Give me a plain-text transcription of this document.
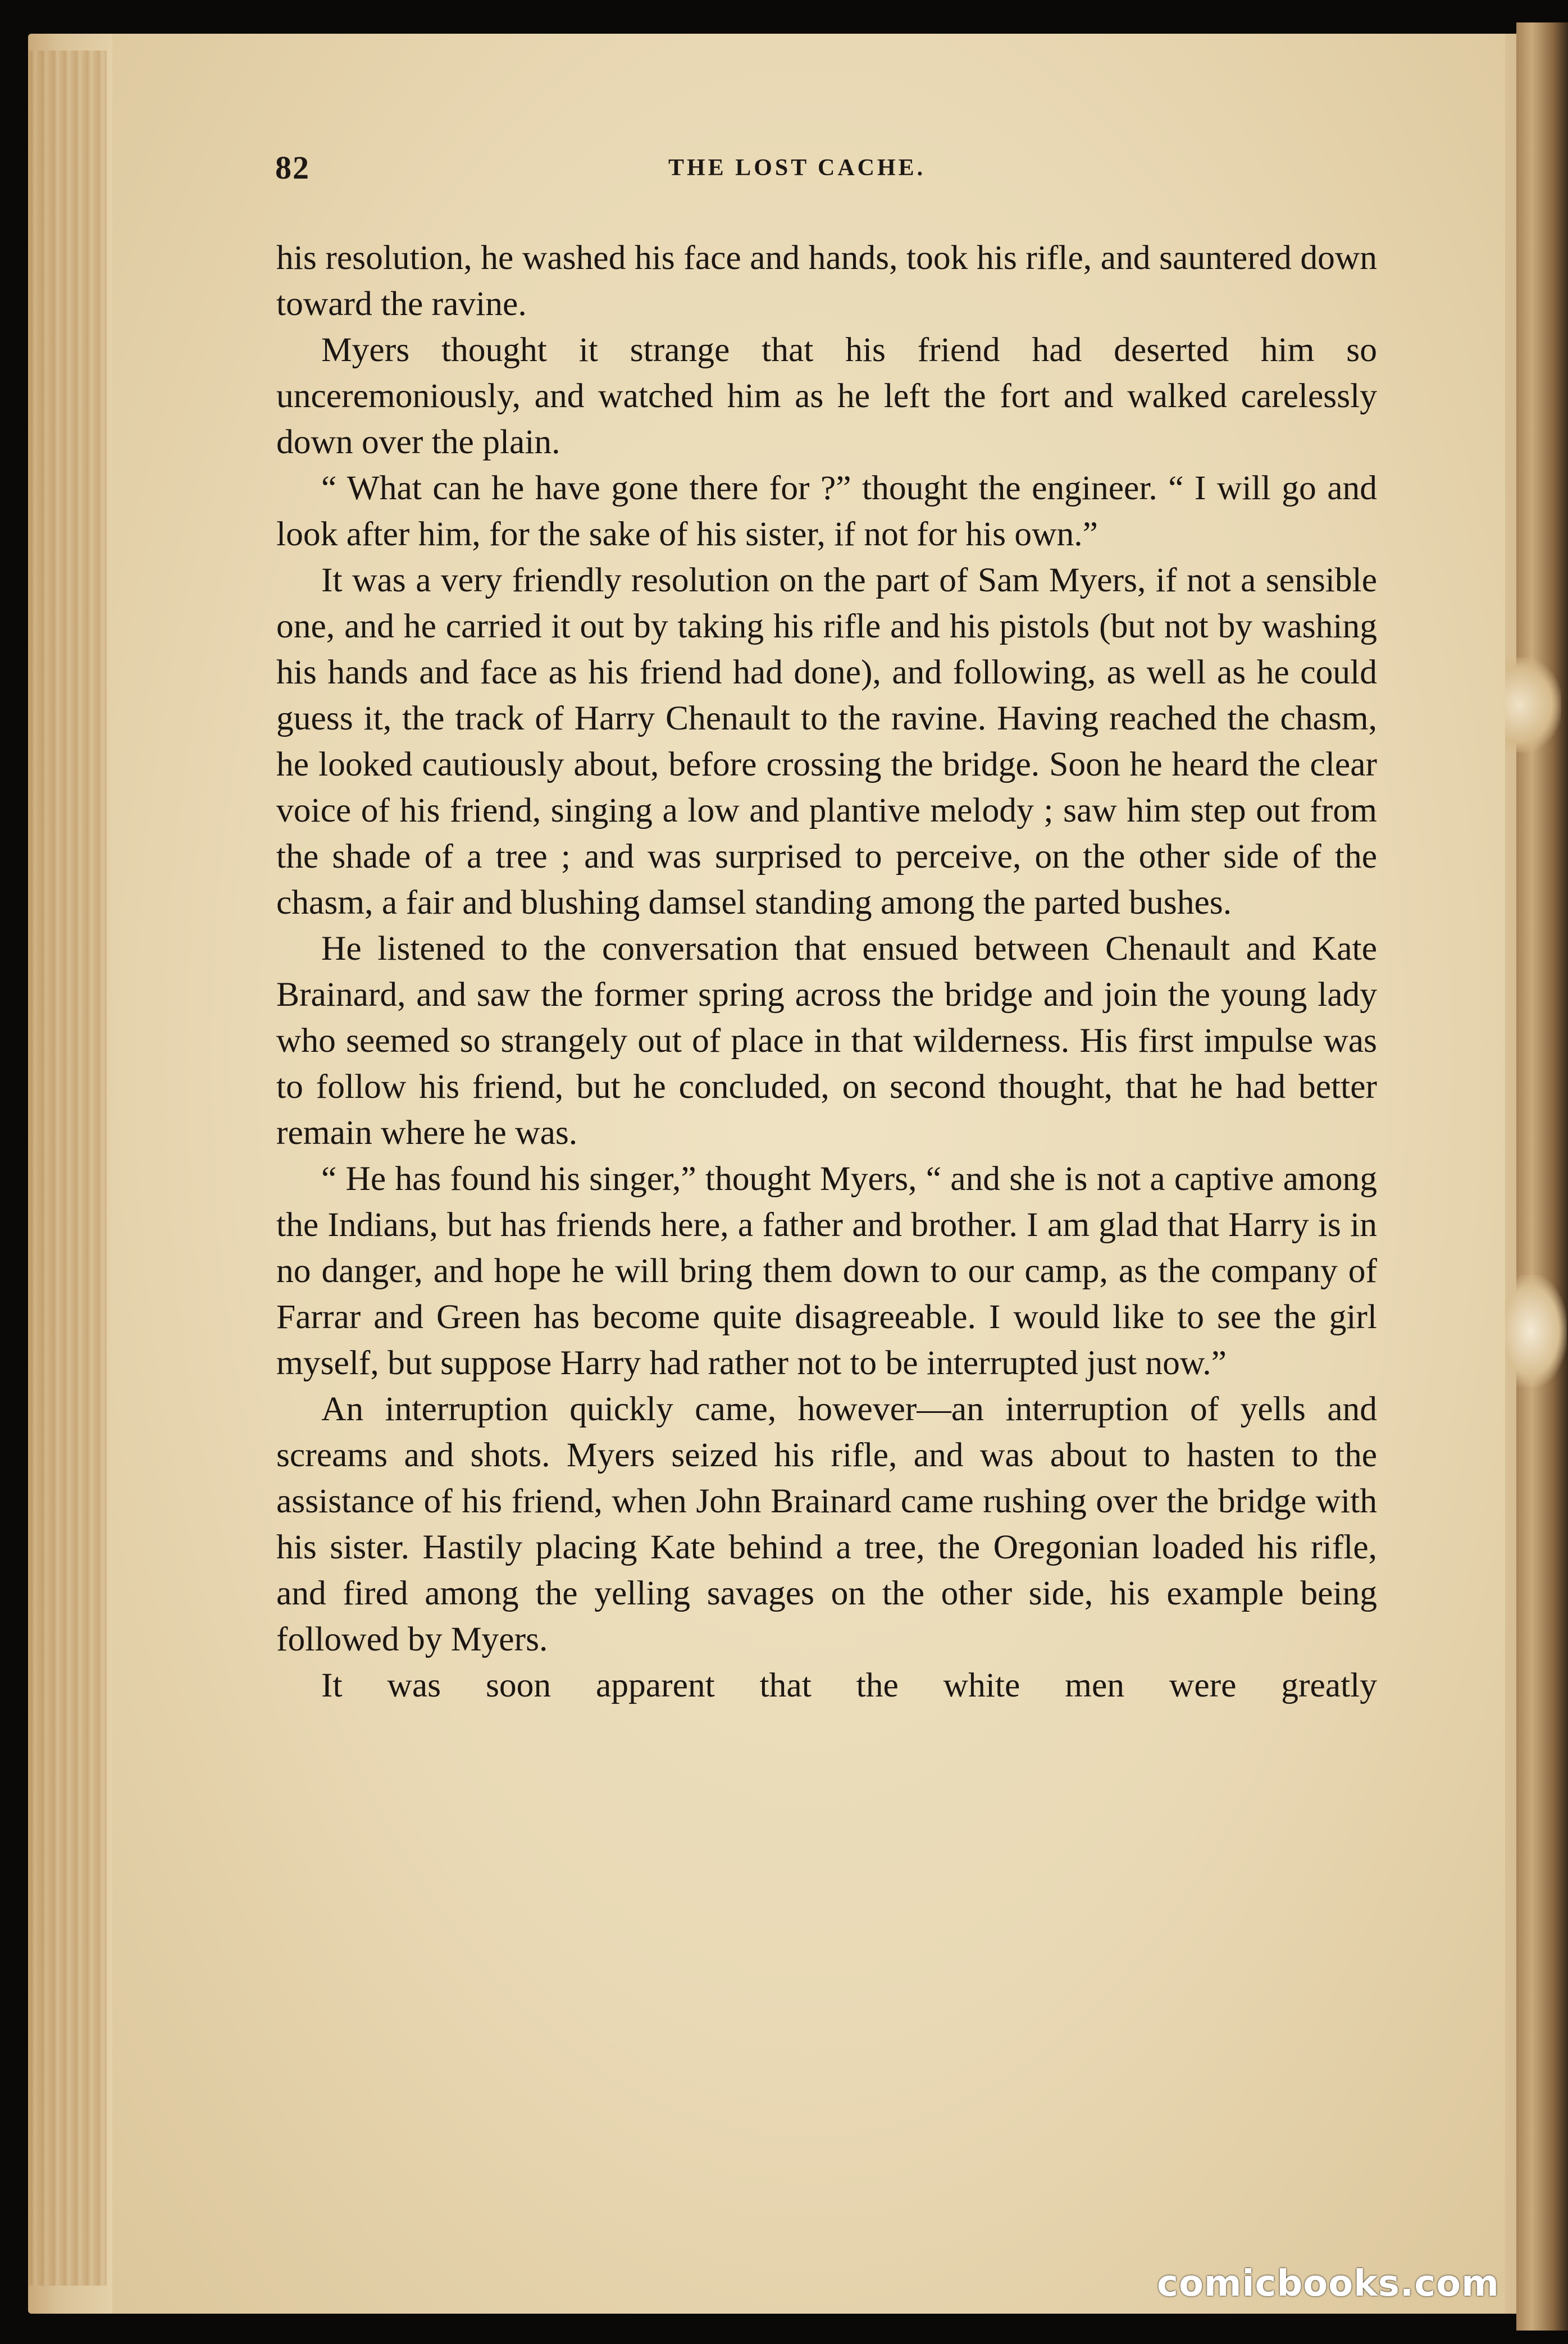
82	THE LOST CACHE.

his resolution, he washed his face and hands, took his rifle, and sauntered down toward the ravine.

Myers thought it strange that his friend had deserted him so unceremoniously, and watched him as he left the fort and walked carelessly down over the plain.

“ What can he have gone there for ?” thought the engineer. “ I will go and look after him, for the sake of his sister, if not for his own.”

It was a very friendly resolution on the part of Sam Myers, if not a sensible one, and he carried it out by taking his rifle and his pistols (but not by washing his hands and face as his friend had done), and following, as well as he could guess it, the track of Harry Chenault to the ravine. Having reached the chasm, he looked cautiously about, before crossing the bridge. Soon he heard the clear voice of his friend, singing a low and plantive melody ; saw him step out from the shade of a tree ; and was surprised to perceive, on the other side of the chasm, a fair and blushing damsel standing among the parted bushes.

He listened to the conversation that ensued between Chenault and Kate Brainard, and saw the former spring across the bridge and join the young lady who seemed so strangely out of place in that wilderness. His first impulse was to follow his friend, but he concluded, on second thought, that he had better remain where he was.

“ He has found his singer,” thought Myers, “ and she is not a captive among the Indians, but has friends here, a father and brother. I am glad that Harry is in no danger, and hope he will bring them down to our camp, as the company of Farrar and Green has become quite disagreeable. I would like to see the girl myself, but suppose Harry had rather not to be interrupted just now.”

An interruption quickly came, however—an interruption of yells and screams and shots. Myers seized his rifle, and was about to hasten to the assistance of his friend, when John Brainard came rushing over the bridge with his sister. Hastily placing Kate behind a tree, the Oregonian loaded his rifle, and fired among the yelling savages on the other side, his example being followed by Myers.

It was soon apparent that the white men were greatly

comicbooks.com
